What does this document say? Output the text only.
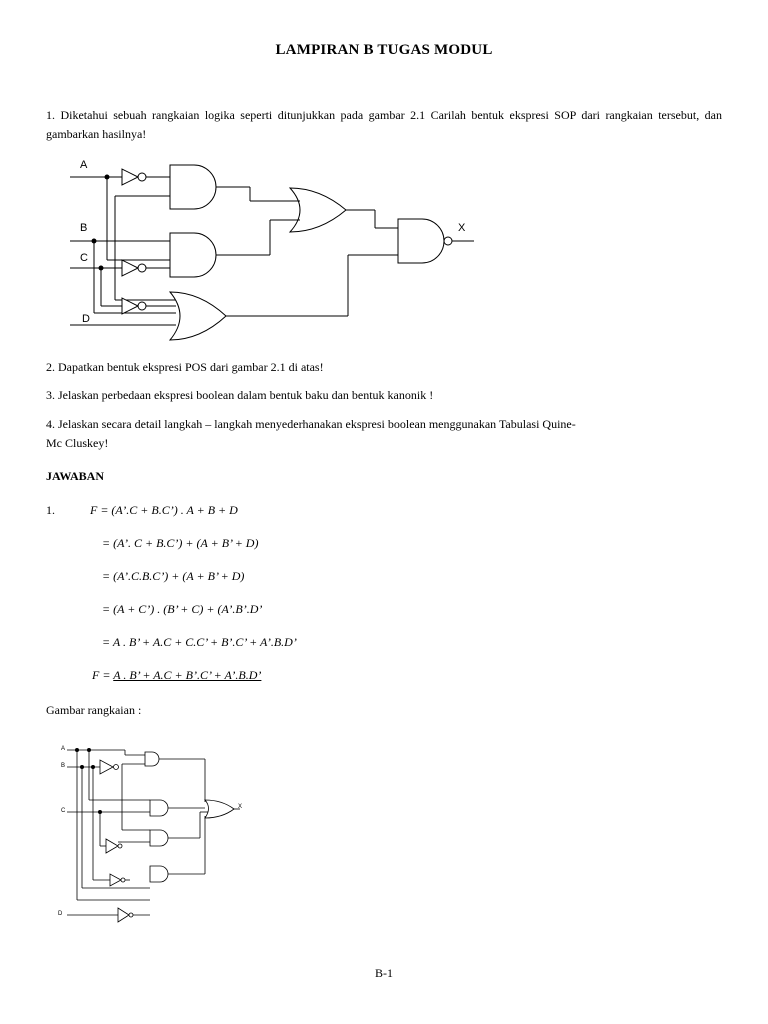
LAMPIRAN B TUGAS MODUL
1. Diketahui sebuah rangkaian logika seperti ditunjukkan pada gambar 2.1 Carilah bentuk ekspresi SOP dari rangkaian tersebut, dan gambarkan hasilnya!
A
B
C
D
X
2. Dapatkan bentuk ekspresi POS dari gambar 2.1 di atas!
3. Jelaskan perbedaan ekspresi boolean dalam bentuk baku dan bentuk kanonik !
4. Jelaskan secara detail langkah – langkah menyederhanakan ekspresi boolean menggunakan Tabulasi Quine-
Mc Cluskey!
JAWABAN
1.	F = (A’.C + B.C’) . A + B + D
= (A’. C + B.C’) + (A + B’ + D)
= (A’.C.B.C’) + (A + B’ + D)
= (A + C’) . (B’ + C) + (A’.B’.D’
= A . B’ + A.C + C.C’ + B’.C’ + A’.B.D’
F = A . B’ + A.C + B’.C’ + A’.B.D’
Gambar rangkaian :
A
B
C
D
X
B-1
